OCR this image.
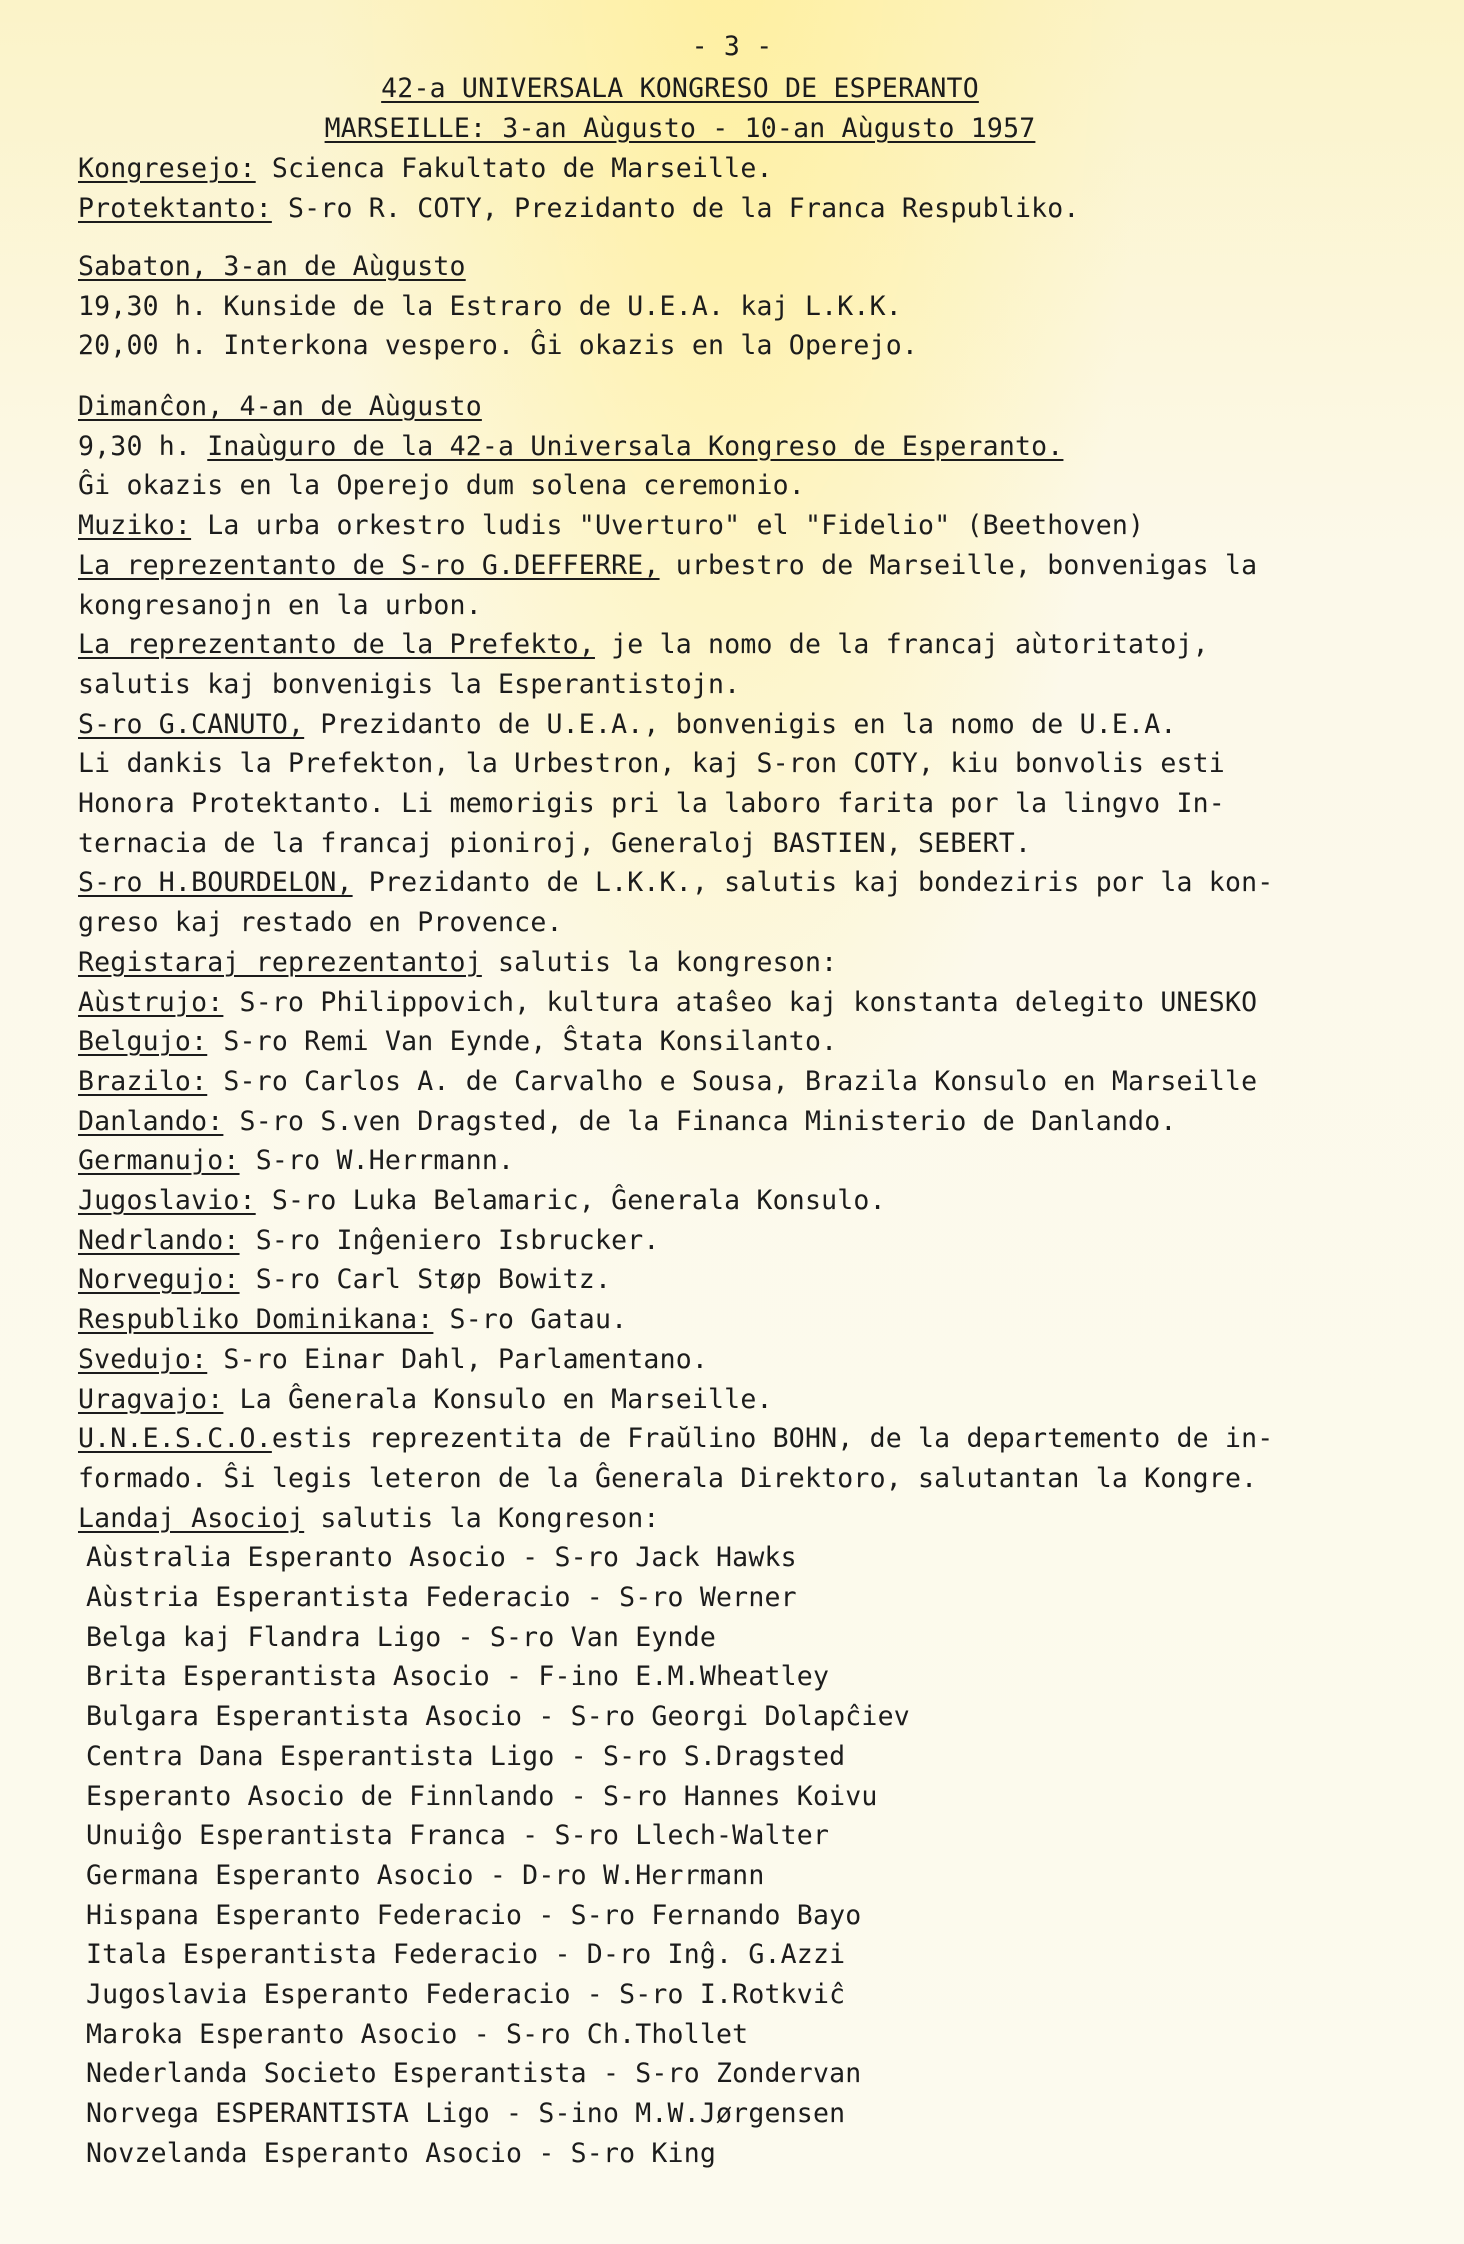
- 3 -
42-a UNIVERSALA KONGRESO DE ESPERANTO
MARSEILLE: 3-an Aùgusto - 10-an Aùgusto 1957
Kongresejo: Scienca Fakultato de Marseille.
Protektanto: S-ro R. COTY, Prezidanto de la Franca Respubliko.
Sabaton, 3-an de Aùgusto
19,30 h. Kunside de la Estraro de U.E.A. kaj L.K.K.
20,00 h. Interkona vespero. Ĝi okazis en la Operejo.
Dimanĉon, 4-an de Aùgusto
9,30 h. Inaùguro de la 42-a Universala Kongreso de Esperanto.
Ĝi okazis en la Operejo dum solena ceremonio.
Muziko: La urba orkestro ludis "Uverturo" el "Fidelio" (Beethoven)
La reprezentanto de S-ro G.DEFFERRE, urbestro de Marseille, bonvenigas la
kongresanojn en la urbon.
La reprezentanto de la Prefekto, je la nomo de la francaj aùtoritatoj,
salutis kaj bonvenigis la Esperantistojn.
S-ro G.CANUTO, Prezidanto de U.E.A., bonvenigis en la nomo de U.E.A.
Li dankis la Prefekton, la Urbestron, kaj S-ron COTY, kiu bonvolis esti
Honora Protektanto. Li memorigis pri la laboro farita por la lingvo In-
ternacia de la francaj pioniroj, Generaloj BASTIEN, SEBERT.
S-ro H.BOURDELON, Prezidanto de L.K.K., salutis kaj bondeziris por la kon-
greso kaj restado en Provence.
Registaraj reprezentantoj salutis la kongreson:
Aùstrujo: S-ro Philippovich, kultura ataŝeo kaj konstanta delegito UNESKO
Belgujo: S-ro Remi Van Eynde, Ŝtata Konsilanto.
Brazilo: S-ro Carlos A. de Carvalho e Sousa, Brazila Konsulo en Marseille
Danlando: S-ro S.ven Dragsted, de la Financa Ministerio de Danlando.
Germanujo: S-ro W.Herrmann.
Jugoslavio: S-ro Luka Belamaric, Ĝenerala Konsulo.
Nedrlando: S-ro Inĝeniero Isbrucker.
Norvegujo: S-ro Carl Støp Bowitz.
Respubliko Dominikana: S-ro Gatau.
Svedujo: S-ro Einar Dahl, Parlamentano.
Uragvajo: La Ĝenerala Konsulo en Marseille.
U.N.E.S.C.O.estis reprezentita de Fraŭlino BOHN, de la departemento de in-
formado. Ŝi legis leteron de la Ĝenerala Direktoro, salutantan la Kongre.
Landaj Asocioj salutis la Kongreson:
Aùstralia Esperanto Asocio - S-ro Jack Hawks
Aùstria Esperantista Federacio - S-ro Werner
Belga kaj Flandra Ligo - S-ro Van Eynde
Brita Esperantista Asocio - F-ino E.M.Wheatley
Bulgara Esperantista Asocio - S-ro Georgi Dolapĉiev
Centra Dana Esperantista Ligo - S-ro S.Dragsted
Esperanto Asocio de Finnlando - S-ro Hannes Koivu
Unuiĝo Esperantista Franca - S-ro Llech-Walter
Germana Esperanto Asocio - D-ro W.Herrmann
Hispana Esperanto Federacio - S-ro Fernando Bayo
Itala Esperantista Federacio - D-ro Inĝ. G.Azzi
Jugoslavia Esperanto Federacio - S-ro I.Rotkviĉ
Maroka Esperanto Asocio - S-ro Ch.Thollet
Nederlanda Societo Esperantista - S-ro Zondervan
Norvega ESPERANTISTA Ligo - S-ino M.W.Jørgensen
Novzelanda Esperanto Asocio - S-ro King
